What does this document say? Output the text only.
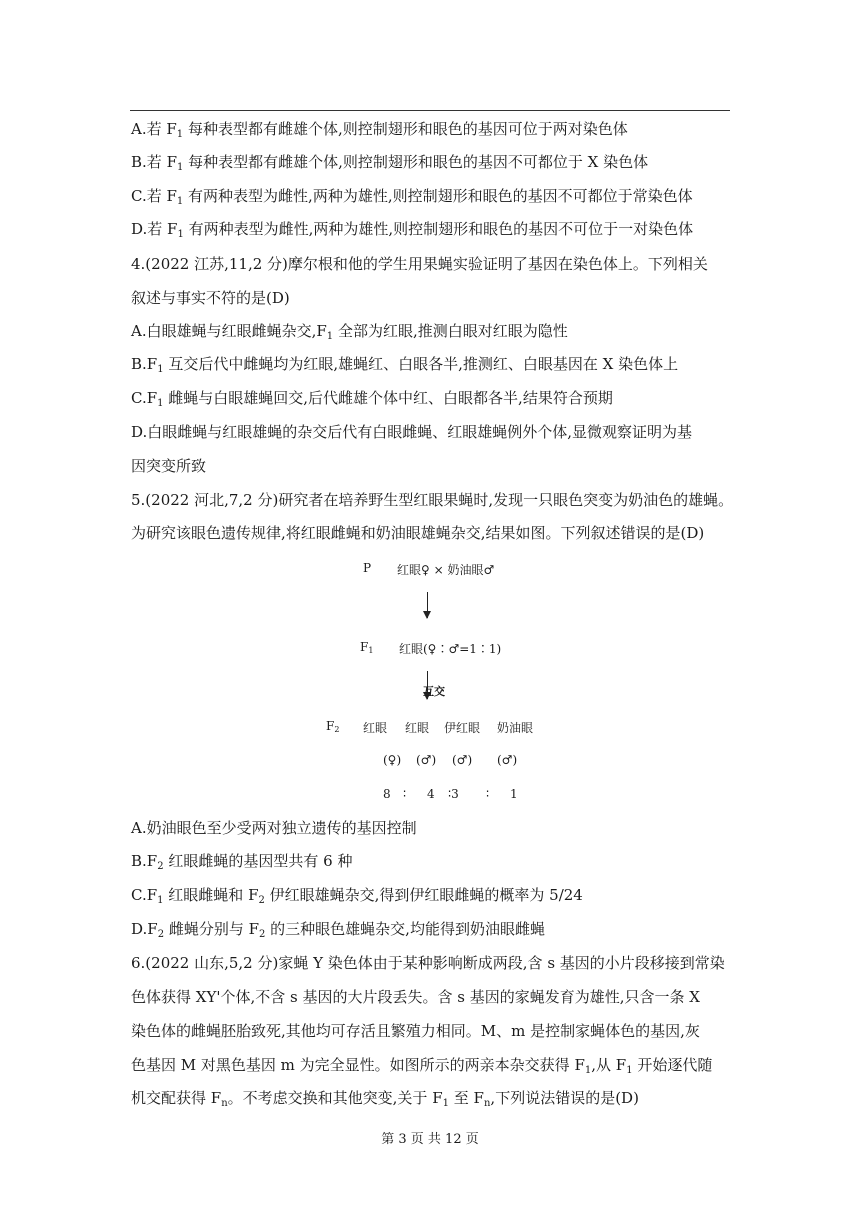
A.若 $F_1$ 每种表型都有雌雄个体,则控制翅形和眼色的基因可位于两对染色体
B.若 $F_1$ 每种表型都有雌雄个体,则控制翅形和眼色的基因不可都位于 X 染色体
C.若 $F_1$ 有两种表型为雌性,两种为雄性,则控制翅形和眼色的基因不可都位于常染色体
D.若 $F_1$ 有两种表型为雌性,两种为雄性,则控制翅形和眼色的基因不可位于一对染色体
4.(2022 江苏,11,2 分)摩尔根和他的学生用果蝇实验证明了基因在染色体上。下列相关
叙述与事实不符的是(D)
A.白眼雄蝇与红眼雌蝇杂交$,F_1$ 全部为红眼,推测白眼对红眼为隐性
$B.F_1$ 互交后代中雌蝇均为红眼,雄蝇红、白眼各半,推测红、白眼基因在 X 染色体上
$C.F_1$ 雌蝇与白眼雄蝇回交,后代雌雄个体中红、白眼都各半,结果符合预期
D.白眼雌蝇与红眼雄蝇的杂交后代有白眼雌蝇、红眼雄蝇例外个体,显微观察证明为基
因突变所致
5.(2022 河北,7,2 分)研究者在培养野生型红眼果蝇时,发现一只眼色突变为奶油色的雄蝇。
为研究该眼色遗传规律,将红眼雌蝇和奶油眼雄蝇杂交,结果如图。下列叙述错误的是(D)
P 红眼♀ × 奶油眼♂
$F_1$ 红眼(♀∶♂=1∶1)
互交
$F_2$ 红眼 红眼 伊红眼 奶油眼
(♀) (♂) (♂) (♂)
8 ∶ 4 ∶3 ∶ 1
A.奶油眼色至少受两对独立遗传的基因控制
$B.F_2$ 红眼雌蝇的基因型共有 6 种
$C.F_1$ 红眼雌蝇和 $F_2$ 伊红眼雄蝇杂交,得到伊红眼雌蝇的概率为 5/24
$D.F_2$ 雌蝇分别与 $F_2$ 的三种眼色雄蝇杂交,均能得到奶油眼雌蝇
6.(2022 山东,5,2 分)家蝇 Y 染色体由于某种影响断成两段,含 s 基因的小片段移接到常染
色体获得 XY'个体,不含 s 基因的大片段丢失。含 s 基因的家蝇发育为雄性,只含一条 X
染色体的雌蝇胚胎致死,其他均可存活且繁殖力相同。M、m 是控制家蝇体色的基因,灰
色基因 M 对黑色基因 m 为完全显性。如图所示的两亲本杂交获得 $F_1$,从 $F_1$ 开始逐代随
机交配获得 $F_n$。不考虑交换和其他突变,关于 $F_1$ 至 $F_n$,下列说法错误的是(D)
第 3 页 共 12 页
